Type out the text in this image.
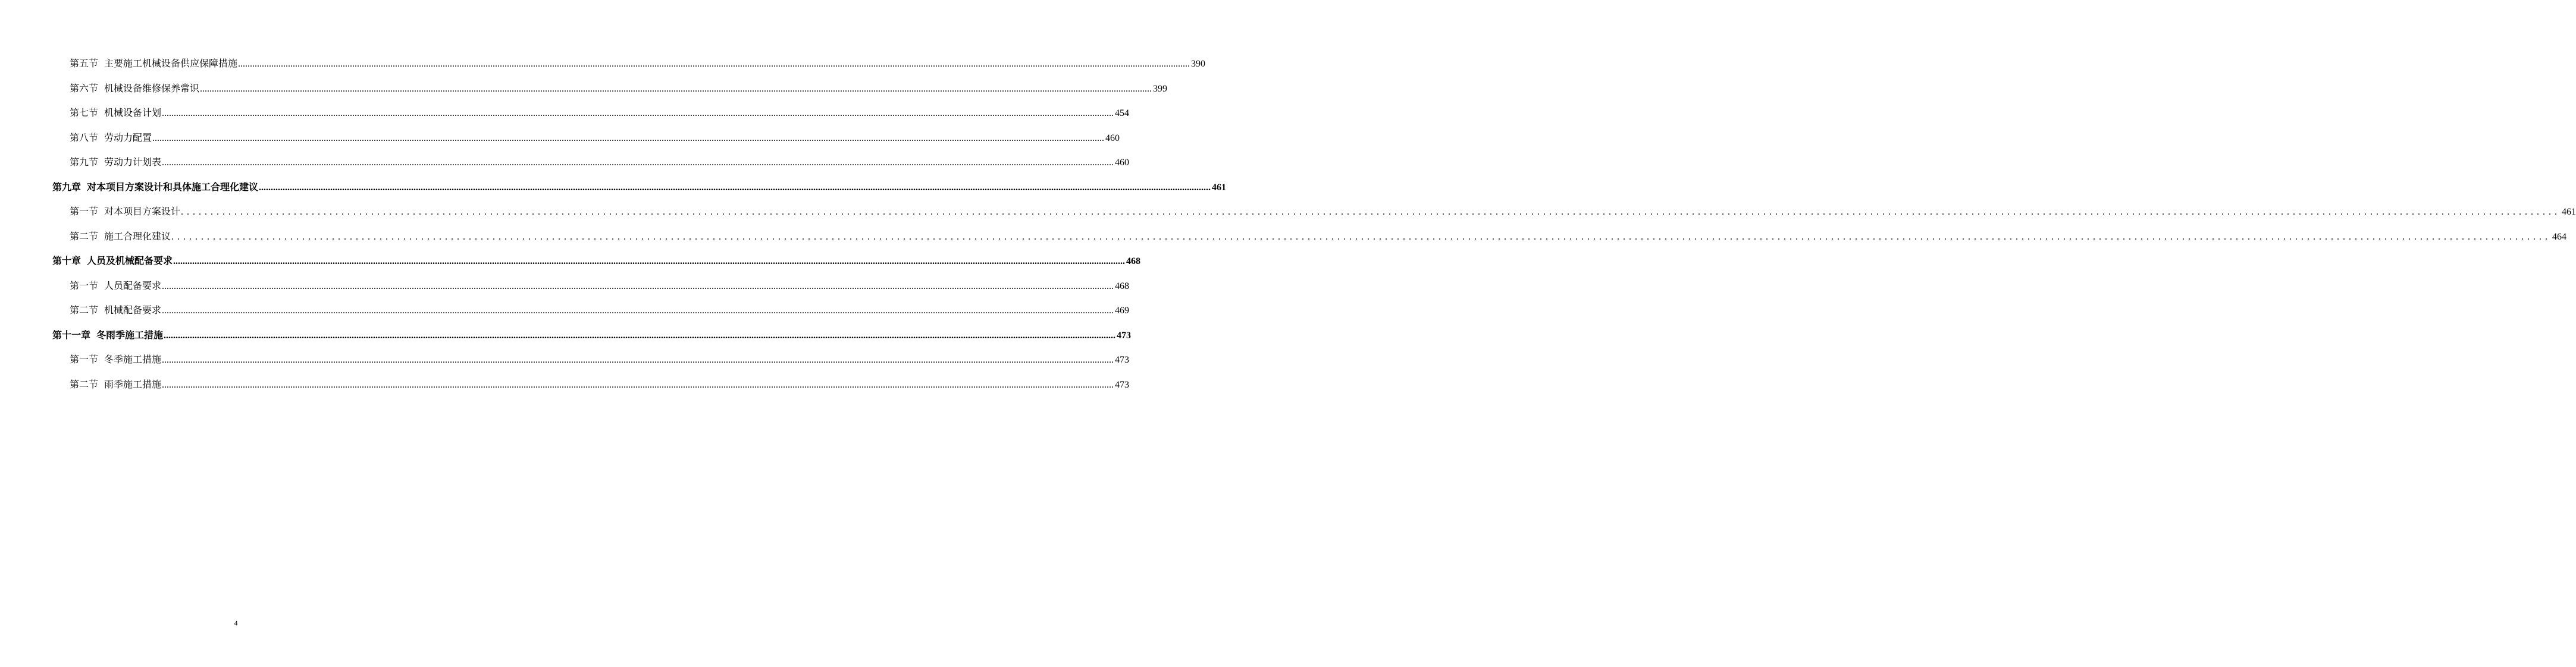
第五节 主要施工机械设备供应保障措施 ................................................................................................................................................................................................................................................................................................................................................................................................................ 390
第六节 机械设备维修保养常识 ................................................................................................................................................................................................................................................................................................................................................................................................................ 399
第七节 机械设备计划 ................................................................................................................................................................................................................................................................................................................................................................................................................ 454
第八节 劳动力配置 ................................................................................................................................................................................................................................................................................................................................................................................................................ 460
第九节 劳动力计划表 ................................................................................................................................................................................................................................................................................................................................................................................................................ 460
第九章 对本项目方案设计和具体施工合理化建议 ................................................................................................................................................................................................................................................................................................................................................................................................................ 461
第一节 对本项目方案设计 ................................................................................................................................................................................................................................................................................................................................................................................................................ 461
第二节 施工合理化建议 ................................................................................................................................................................................................................................................................................................................................................................................................................ 464
第十章 人员及机械配备要求 ................................................................................................................................................................................................................................................................................................................................................................................................................ 468
第一节 人员配备要求 ................................................................................................................................................................................................................................................................................................................................................................................................................ 468
第二节 机械配备要求 ................................................................................................................................................................................................................................................................................................................................................................................................................ 469
第十一章 冬雨季施工措施 ................................................................................................................................................................................................................................................................................................................................................................................................................ 473
第一节 冬季施工措施 ................................................................................................................................................................................................................................................................................................................................................................................................................ 473
第二节 雨季施工措施 ................................................................................................................................................................................................................................................................................................................................................................................................................ 473
4
